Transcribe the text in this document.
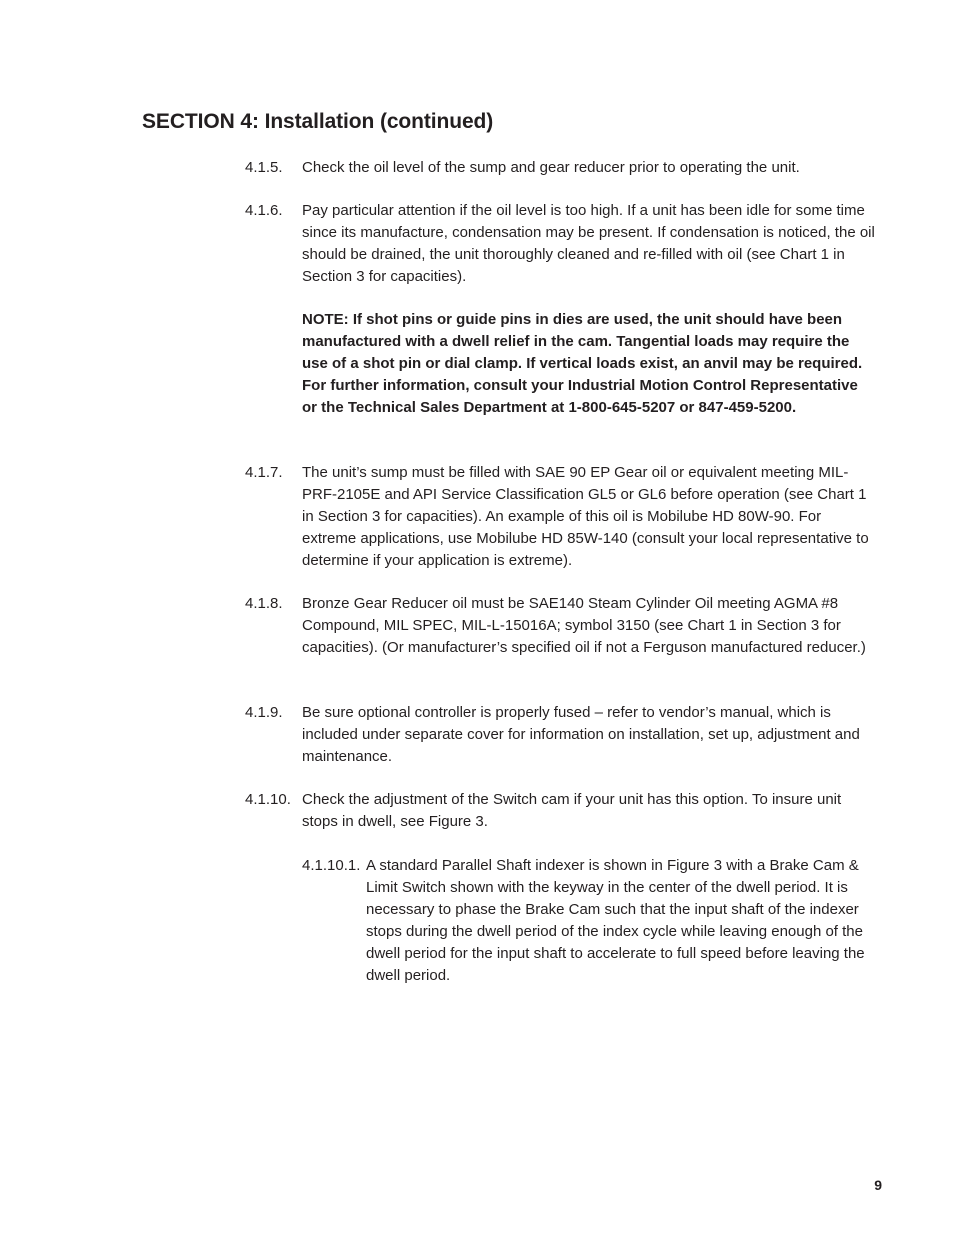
SECTION 4: Installation (continued)
4.1.5. Check the oil level of the sump and gear reducer prior to operating the unit.
4.1.6. Pay particular attention if the oil level is too high. If a unit has been idle for some time since its manufacture, condensation may be present. If condensation is noticed, the oil should be drained, the unit thoroughly cleaned and re-filled with oil (see Chart 1 in Section 3 for capacities).
NOTE: If shot pins or guide pins in dies are used, the unit should have been manufactured with a dwell relief in the cam. Tangential loads may require the use of a shot pin or dial clamp. If vertical loads exist, an anvil may be required. For further information, consult your Industrial Motion Control Representative or the Technical Sales Department at 1-800-645-5207 or 847-459-5200.
4.1.7. The unit’s sump must be filled with SAE 90 EP Gear oil or equivalent meeting MIL-PRF-2105E and API Service Classification GL5 or GL6 before operation (see Chart 1 in Section 3 for capacities). An example of this oil is Mobilube HD 80W-90. For extreme applications, use Mobilube HD 85W-140 (consult your local representative to determine if your application is extreme).
4.1.8. Bronze Gear Reducer oil must be SAE140 Steam Cylinder Oil meeting AGMA #8 Compound, MIL SPEC, MIL-L-15016A; symbol 3150 (see Chart 1 in Section 3 for capacities). (Or manufacturer’s specified oil if not a Ferguson manufactured reducer.)
4.1.9. Be sure optional controller is properly fused – refer to vendor’s manual, which is included under separate cover for information on installation, set up, adjustment and maintenance.
4.1.10. Check the adjustment of the Switch cam if your unit has this option. To insure unit stops in dwell, see Figure 3.
4.1.10.1. A standard Parallel Shaft indexer is shown in Figure 3 with a Brake Cam & Limit Switch shown with the keyway in the center of the dwell period. It is necessary to phase the Brake Cam such that the input shaft of the indexer stops during the dwell period of the index cycle while leaving enough of the dwell period for the input shaft to accelerate to full speed before leaving the dwell period.
9
